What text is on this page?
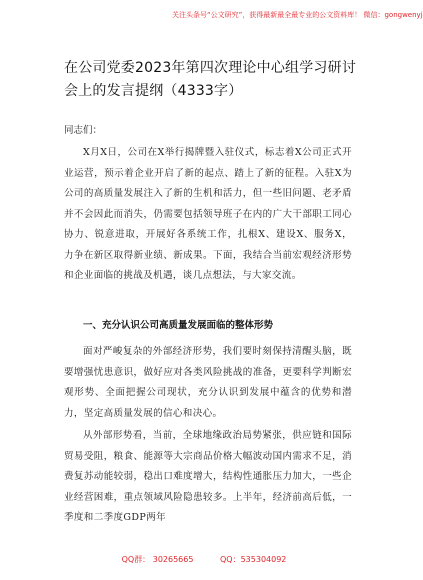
关注头条号“公文研究”，获得最新最全最专业的公文资料库！ 微信：gongwenyj
在公司党委2023年第四次理论中心组学习研讨会上的发言提纲（4333字）
同志们：

X月X日，公司在X举行揭牌暨入驻仪式，标志着X公司正式开业运营，预示着企业开启了新的起点、踏上了新的征程。入驻X为公司的高质量发展注入了新的生机和活力，但一些旧问题、老矛盾并不会因此而消失，仍需要包括领导班子在内的广大干部职工同心协力、锐意进取，开展好各系统工作，扎根X、建设X、服务X，力争在新区取得新业绩、新成果。下面，我结合当前宏观经济形势和企业面临的挑战及机遇，谈几点想法，与大家交流。

一、充分认识公司高质量发展面临的整体形势

面对严峻复杂的外部经济形势，我们要时刻保持清醒头脑，既要增强忧患意识，做好应对各类风险挑战的准备，更要科学判断宏观形势、全面把握公司现状，充分认识到发展中蕴含的优势和潜力，坚定高质量发展的信心和决心。

从外部形势看，当前，全球地缘政治局势紧张，供应链和国际贸易受阻，粮食、能源等大宗商品价格大幅波动国内需求不足，消费复苏动能较弱，稳出口难度增大，结构性通胀压力加大，一些企业经营困难，重点领域风险隐患较多。上半年，经济前高后低，一季度和二季度GDP两年

QQ群： 30265665	QQ：535304092
